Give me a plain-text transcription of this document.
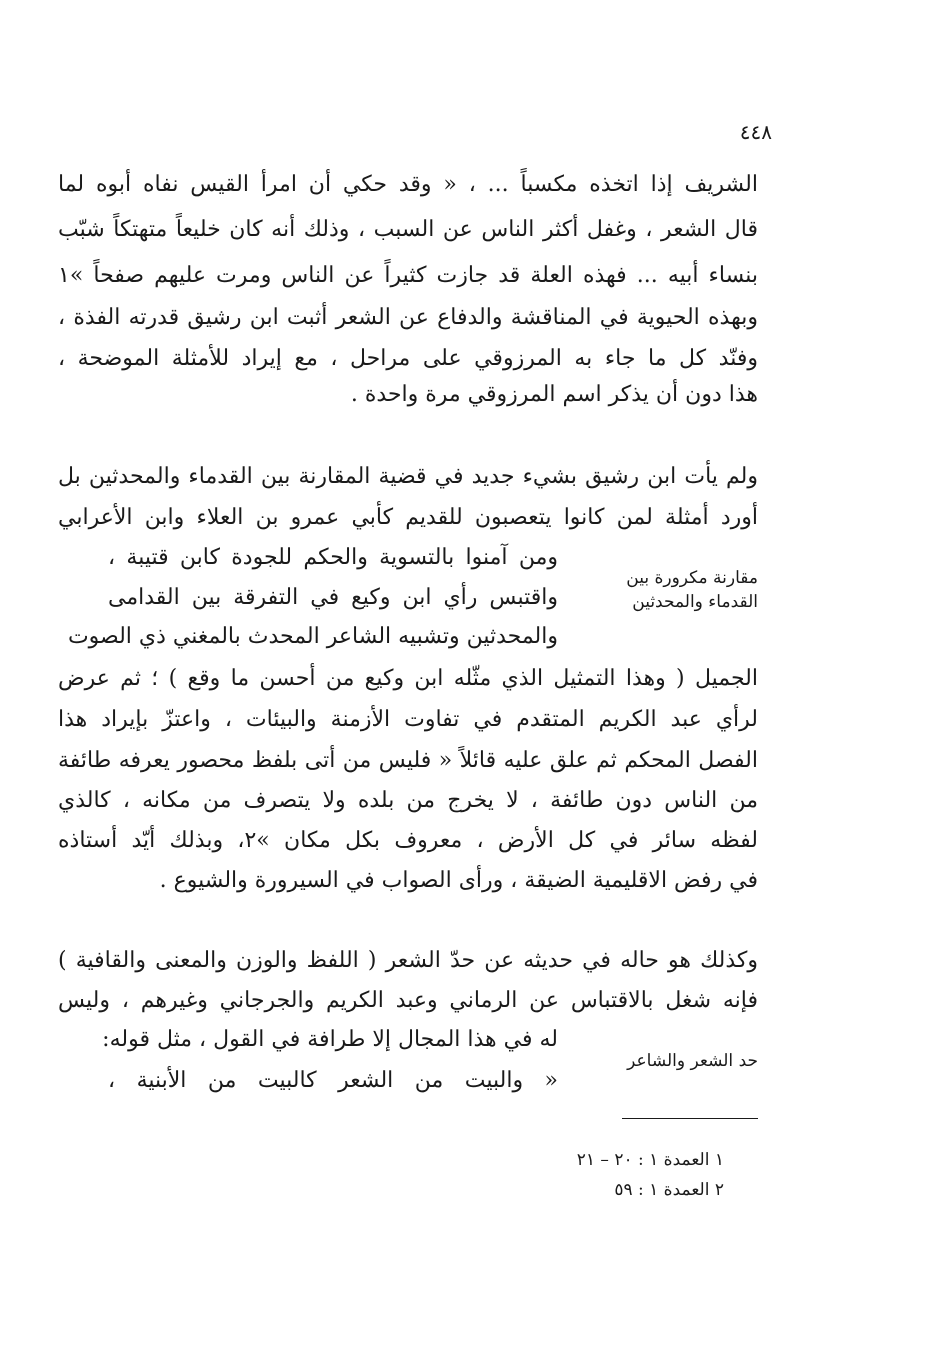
٤٤٨
الشريف إذا اتخذه مكسباً ... ، « وقد حكي أن امرأ القيس نفاه أبوه لما
قال الشعر ، وغفل أكثر الناس عن السبب ، وذلك أنه كان خليعاً متهتكاً شبّب
بنساء أبيه ... فهذه العلة قد جازت كثيراً عن الناس ومرت عليهم صفحاً »١
وبهذه الحيوية في المناقشة والدفاع عن الشعر أثبت ابن رشيق قدرته الفذة ،
وفنّد كل ما جاء به المرزوقي على مراحل ، مع إيراد للأمثلة الموضحة ،
هذا دون أن يذكر اسم المرزوقي مرة واحدة .
ولم يأت ابن رشيق بشيء جديد في قضية المقارنة بين القدماء والمحدثين بل
أورد أمثلة لمن كانوا يتعصبون للقديم كأبي عمرو بن العلاء وابن الأعرابي
ومن آمنوا بالتسوية والحكم للجودة كابن قتيبة ،
واقتبس رأي ابن وكيع في التفرقة بين القدامى
والمحدثين وتشبيه الشاعر المحدث بالمغني ذي الصوت
الجميل ( وهذا التمثيل الذي مثّله ابن وكيع من أحسن ما وقع ) ؛ ثم عرض
لرأي عبد الكريم المتقدم في تفاوت الأزمنة والبيئات ، واعتزّ بإيراد هذا
الفصل المحكم ثم علق عليه قائلاً « فليس من أتى بلفظ محصور يعرفه طائفة
من الناس دون طائفة ، لا يخرج من بلده ولا يتصرف من مكانه ، كالذي
لفظه سائر في كل الأرض ، معروف بكل مكان »٢، وبذلك أيّد أستاذه
في رفض الاقليمية الضيقة ، ورأى الصواب في السيرورة والشيوع .
مقارنة مكرورة بين
القدماء والمحدثين
وكذلك هو حاله في حديثه عن حدّ الشعر ( اللفظ والوزن والمعنى والقافية )
فإنه شغل بالاقتباس عن الرماني وعبد الكريم والجرجاني وغيرهم ، وليس
له في هذا المجال إلا طرافة في القول ، مثل قوله:
« والبيت من الشعر كالبيت من الأبنية ،
حد الشعر والشاعر
١ العمدة ١ : ٢٠ – ٢١
٢ العمدة ١ : ٥٩
